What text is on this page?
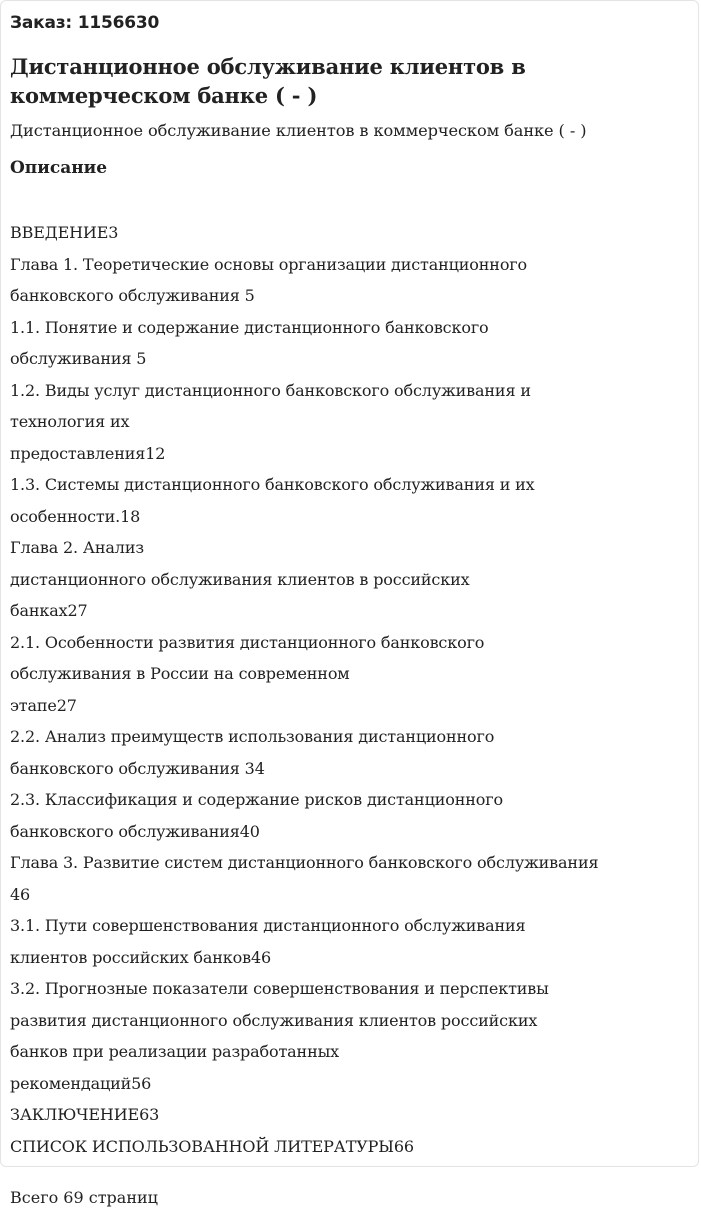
Заказ: 1156630
Дистанционное обслуживание клиентов в
коммерческом банке ( - )
Дистанционное обслуживание клиентов в коммерческом банке ( - )
Описание
ВВЕДЕНИЕ3
Глава 1. Теоретические основы организации дистанционного
банковского обслуживания 5
1.1. Понятие и содержание дистанционного банковского
обслуживания 5
1.2. Виды услуг дистанционного банковского обслуживания и
технология их
предоставления12
1.3. Системы дистанционного банковского обслуживания и их
особенности.18
Глава 2. Анализ
дистанционного обслуживания клиентов в российских
банках27
2.1. Особенности развития дистанционного банковского
обслуживания в России на современном
этапе27
2.2. Анализ преимуществ использования дистанционного
банковского обслуживания 34
2.3. Классификация и содержание рисков дистанционного
банковского обслуживания40
Глава 3. Развитие систем дистанционного банковского обслуживания
46
3.1. Пути совершенствования дистанционного обслуживания
клиентов российских банков46
3.2. Прогнозные показатели совершенствования и перспективы
развития дистанционного обслуживания клиентов российских
банков при реализации разработанных
рекомендаций56
ЗАКЛЮЧЕНИЕ63
СПИСОК ИСПОЛЬЗОВАННОЙ ЛИТЕРАТУРЫ66
Всего 69 страниц
